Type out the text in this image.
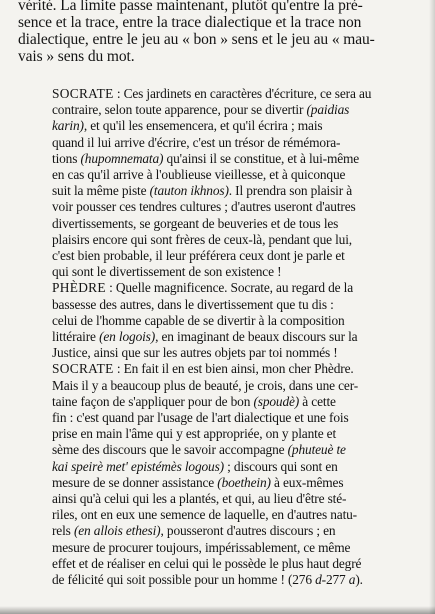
vérité. La limite passe maintenant, plutôt qu'entre la pré-
sence et la trace, entre la trace dialectique et la trace non
dialectique, entre le jeu au « bon » sens et le jeu au « mau-
vais » sens du mot.
SOCRATE : Ces jardinets en caractères d'écriture, ce sera au
contraire, selon toute apparence, pour se divertir (paidias
karin), et qu'il les ensemencera, et qu'il écrira ; mais
quand il lui arrive d'écrire, c'est un trésor de rémémora-
tions (hupomnemata) qu'ainsi il se constitue, et à lui-même
en cas qu'il arrive à l'oublieuse vieillesse, et à quiconque
suit la même piste (tauton ikhnos). Il prendra son plaisir à
voir pousser ces tendres cultures ; d'autres useront d'autres
divertissements, se gorgeant de beuveries et de tous les
plaisirs encore qui sont frères de ceux-là, pendant que lui,
c'est bien probable, il leur préférera ceux dont je parle et
qui sont le divertissement de son existence !
PHÈDRE : Quelle magnificence. Socrate, au regard de la
bassesse des autres, dans le divertissement que tu dis :
celui de l'homme capable de se divertir à la composition
littéraire (en logois), en imaginant de beaux discours sur la
Justice, ainsi que sur les autres objets par toi nommés !
SOCRATE : En fait il en est bien ainsi, mon cher Phèdre.
Mais il y a beaucoup plus de beauté, je crois, dans une cer-
taine façon de s'appliquer pour de bon (spoudè) à cette
fin : c'est quand par l'usage de l'art dialectique et une fois
prise en main l'âme qui y est appropriée, on y plante et
sème des discours que le savoir accompagne (phuteuè te
kai speirè met' epistémès logous) ; discours qui sont en
mesure de se donner assistance (boethein) à eux-mêmes
ainsi qu'à celui qui les a plantés, et qui, au lieu d'être sté-
riles, ont en eux une semence de laquelle, en d'autres natu-
rels (en allois ethesi), pousseront d'autres discours ; en
mesure de procurer toujours, impérissablement, ce même
effet et de réaliser en celui qui le possède le plus haut degré
de félicité qui soit possible pour un homme ! (276 d-277 a).
